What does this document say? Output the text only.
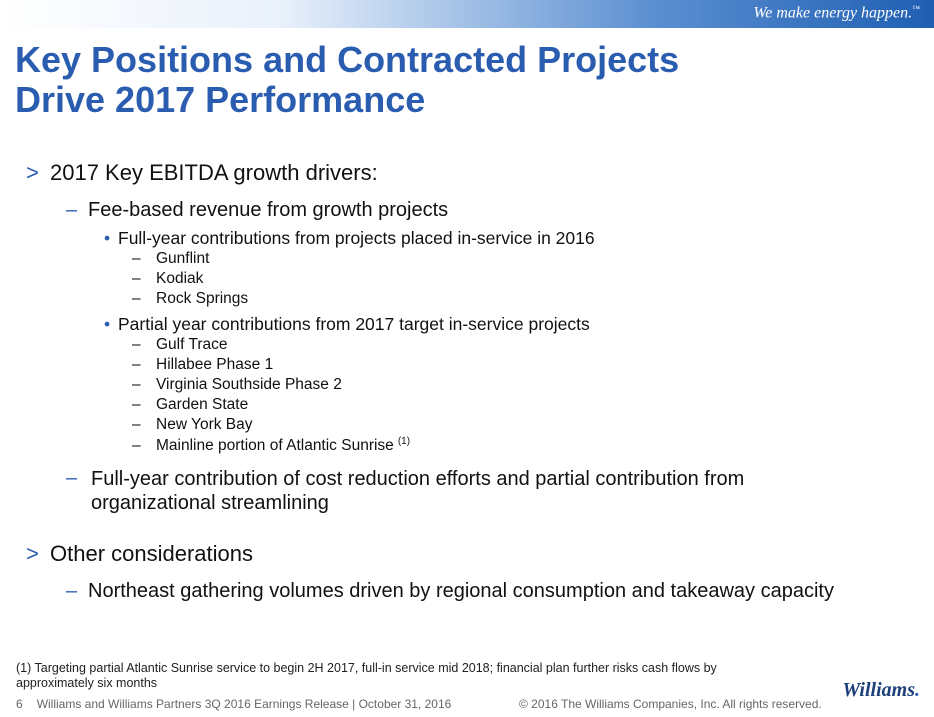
We make energy happen.™
Key Positions and Contracted Projects
Drive 2017 Performance
> 2017 Key EBITDA growth drivers:
– Fee-based revenue from growth projects
• Full-year contributions from projects placed in-service in 2016
– Gunflint
– Kodiak
– Rock Springs
• Partial year contributions from 2017 target in-service projects
– Gulf Trace
– Hillabee Phase 1
– Virginia Southside Phase 2
– Garden State
– New York Bay
– Mainline portion of Atlantic Sunrise $^{(1)}$
– Full-year contribution of cost reduction efforts and partial contribution from organizational streamlining
> Other considerations
– Northeast gathering volumes driven by regional consumption and takeaway capacity
(1) Targeting partial Atlantic Sunrise service to begin 2H 2017, full-in service mid 2018; financial plan further risks cash flows by approximately six months
6 Williams and Williams Partners 3Q 2016 Earnings Release | October 31, 2016	© 2016 The Williams Companies, Inc. All rights reserved.
Williams.
